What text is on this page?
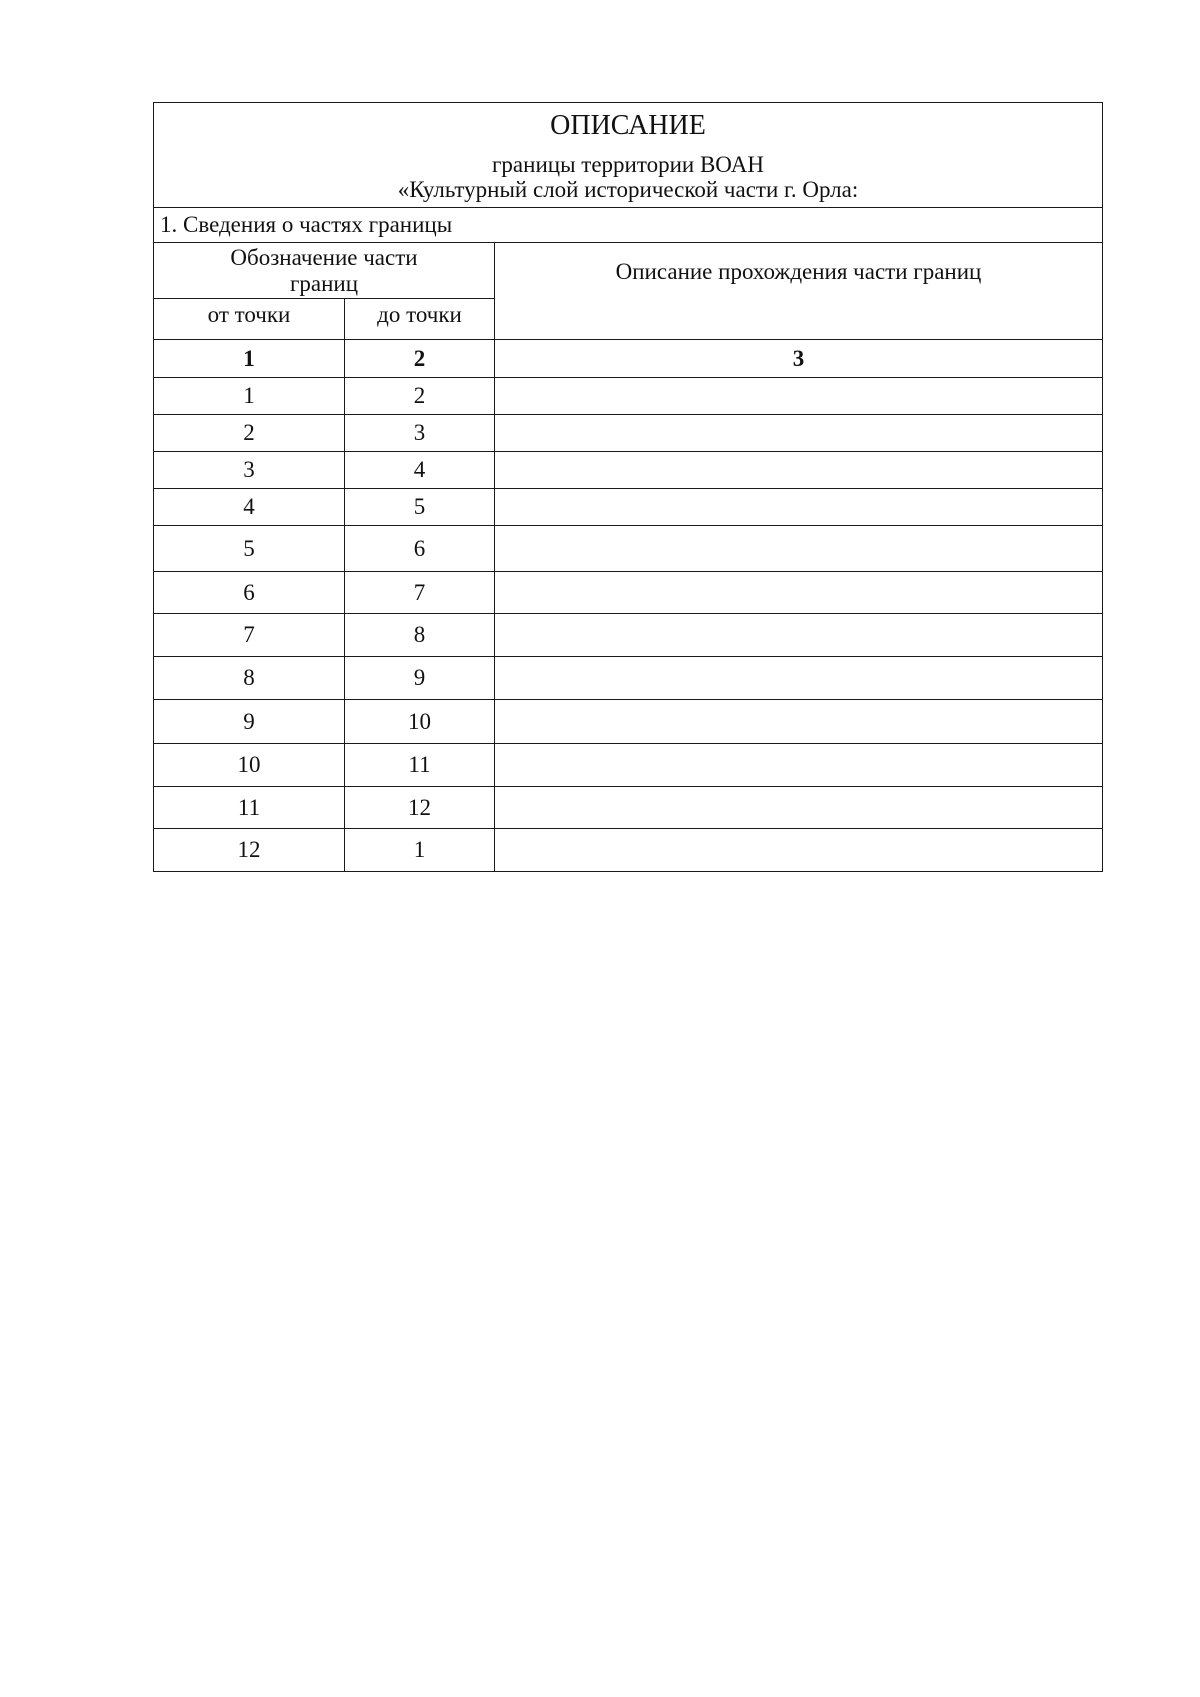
ОПИСАНИЕ
границы территории ВОАН
«Культурный слой исторической части г. Орла:		

1. Сведения о частях границы		

Обозначение части границ		Описание прохождения части границ
от точки	до точки	
1	2	3
1	2	
2	3	
3	4	
4	5	
5	6	
6	7	
7	8	
8	9	
9	10	
10	11	
11	12	
12	1	
